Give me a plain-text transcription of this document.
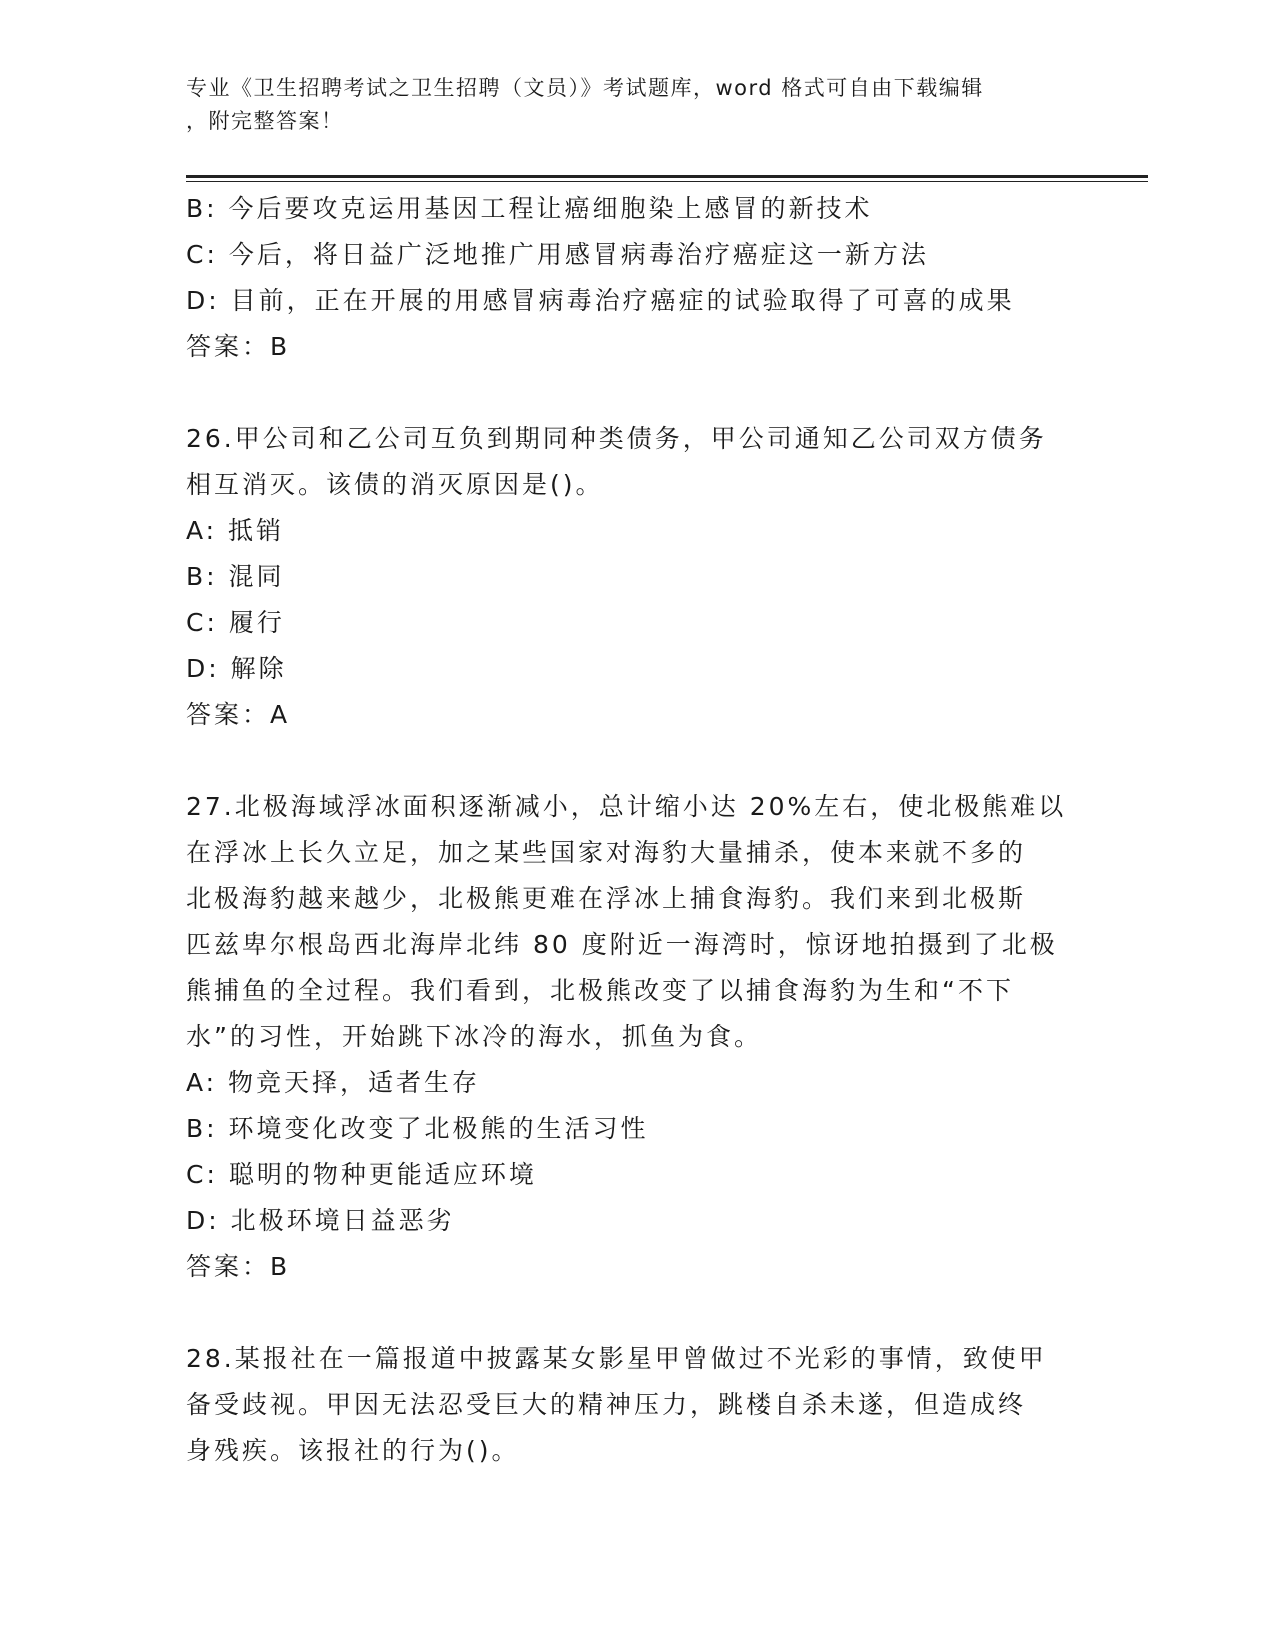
专业《卫生招聘考试之卫生招聘（文员）》考试题库，word 格式可自由下载编辑
，附完整答案！
B: 今后要攻克运用基因工程让癌细胞染上感冒的新技术
C: 今后，将日益广泛地推广用感冒病毒治疗癌症这一新方法
D: 目前，正在开展的用感冒病毒治疗癌症的试验取得了可喜的成果
答案：B
26.甲公司和乙公司互负到期同种类债务，甲公司通知乙公司双方债务
相互消灭。该债的消灭原因是()。
A: 抵销
B: 混同
C: 履行
D: 解除
答案：A
27.北极海域浮冰面积逐渐减小，总计缩小达 20%左右，使北极熊难以
在浮冰上长久立足，加之某些国家对海豹大量捕杀，使本来就不多的
北极海豹越来越少，北极熊更难在浮冰上捕食海豹。我们来到北极斯
匹兹卑尔根岛西北海岸北纬 80 度附近一海湾时，惊讶地拍摄到了北极
熊捕鱼的全过程。我们看到，北极熊改变了以捕食海豹为生和“不下
水”的习性，开始跳下冰冷的海水，抓鱼为食。
A: 物竞天择，适者生存
B: 环境变化改变了北极熊的生活习性
C: 聪明的物种更能适应环境
D: 北极环境日益恶劣
答案：B
28.某报社在一篇报道中披露某女影星甲曾做过不光彩的事情，致使甲
备受歧视。甲因无法忍受巨大的精神压力，跳楼自杀未遂，但造成终
身残疾。该报社的行为()。
